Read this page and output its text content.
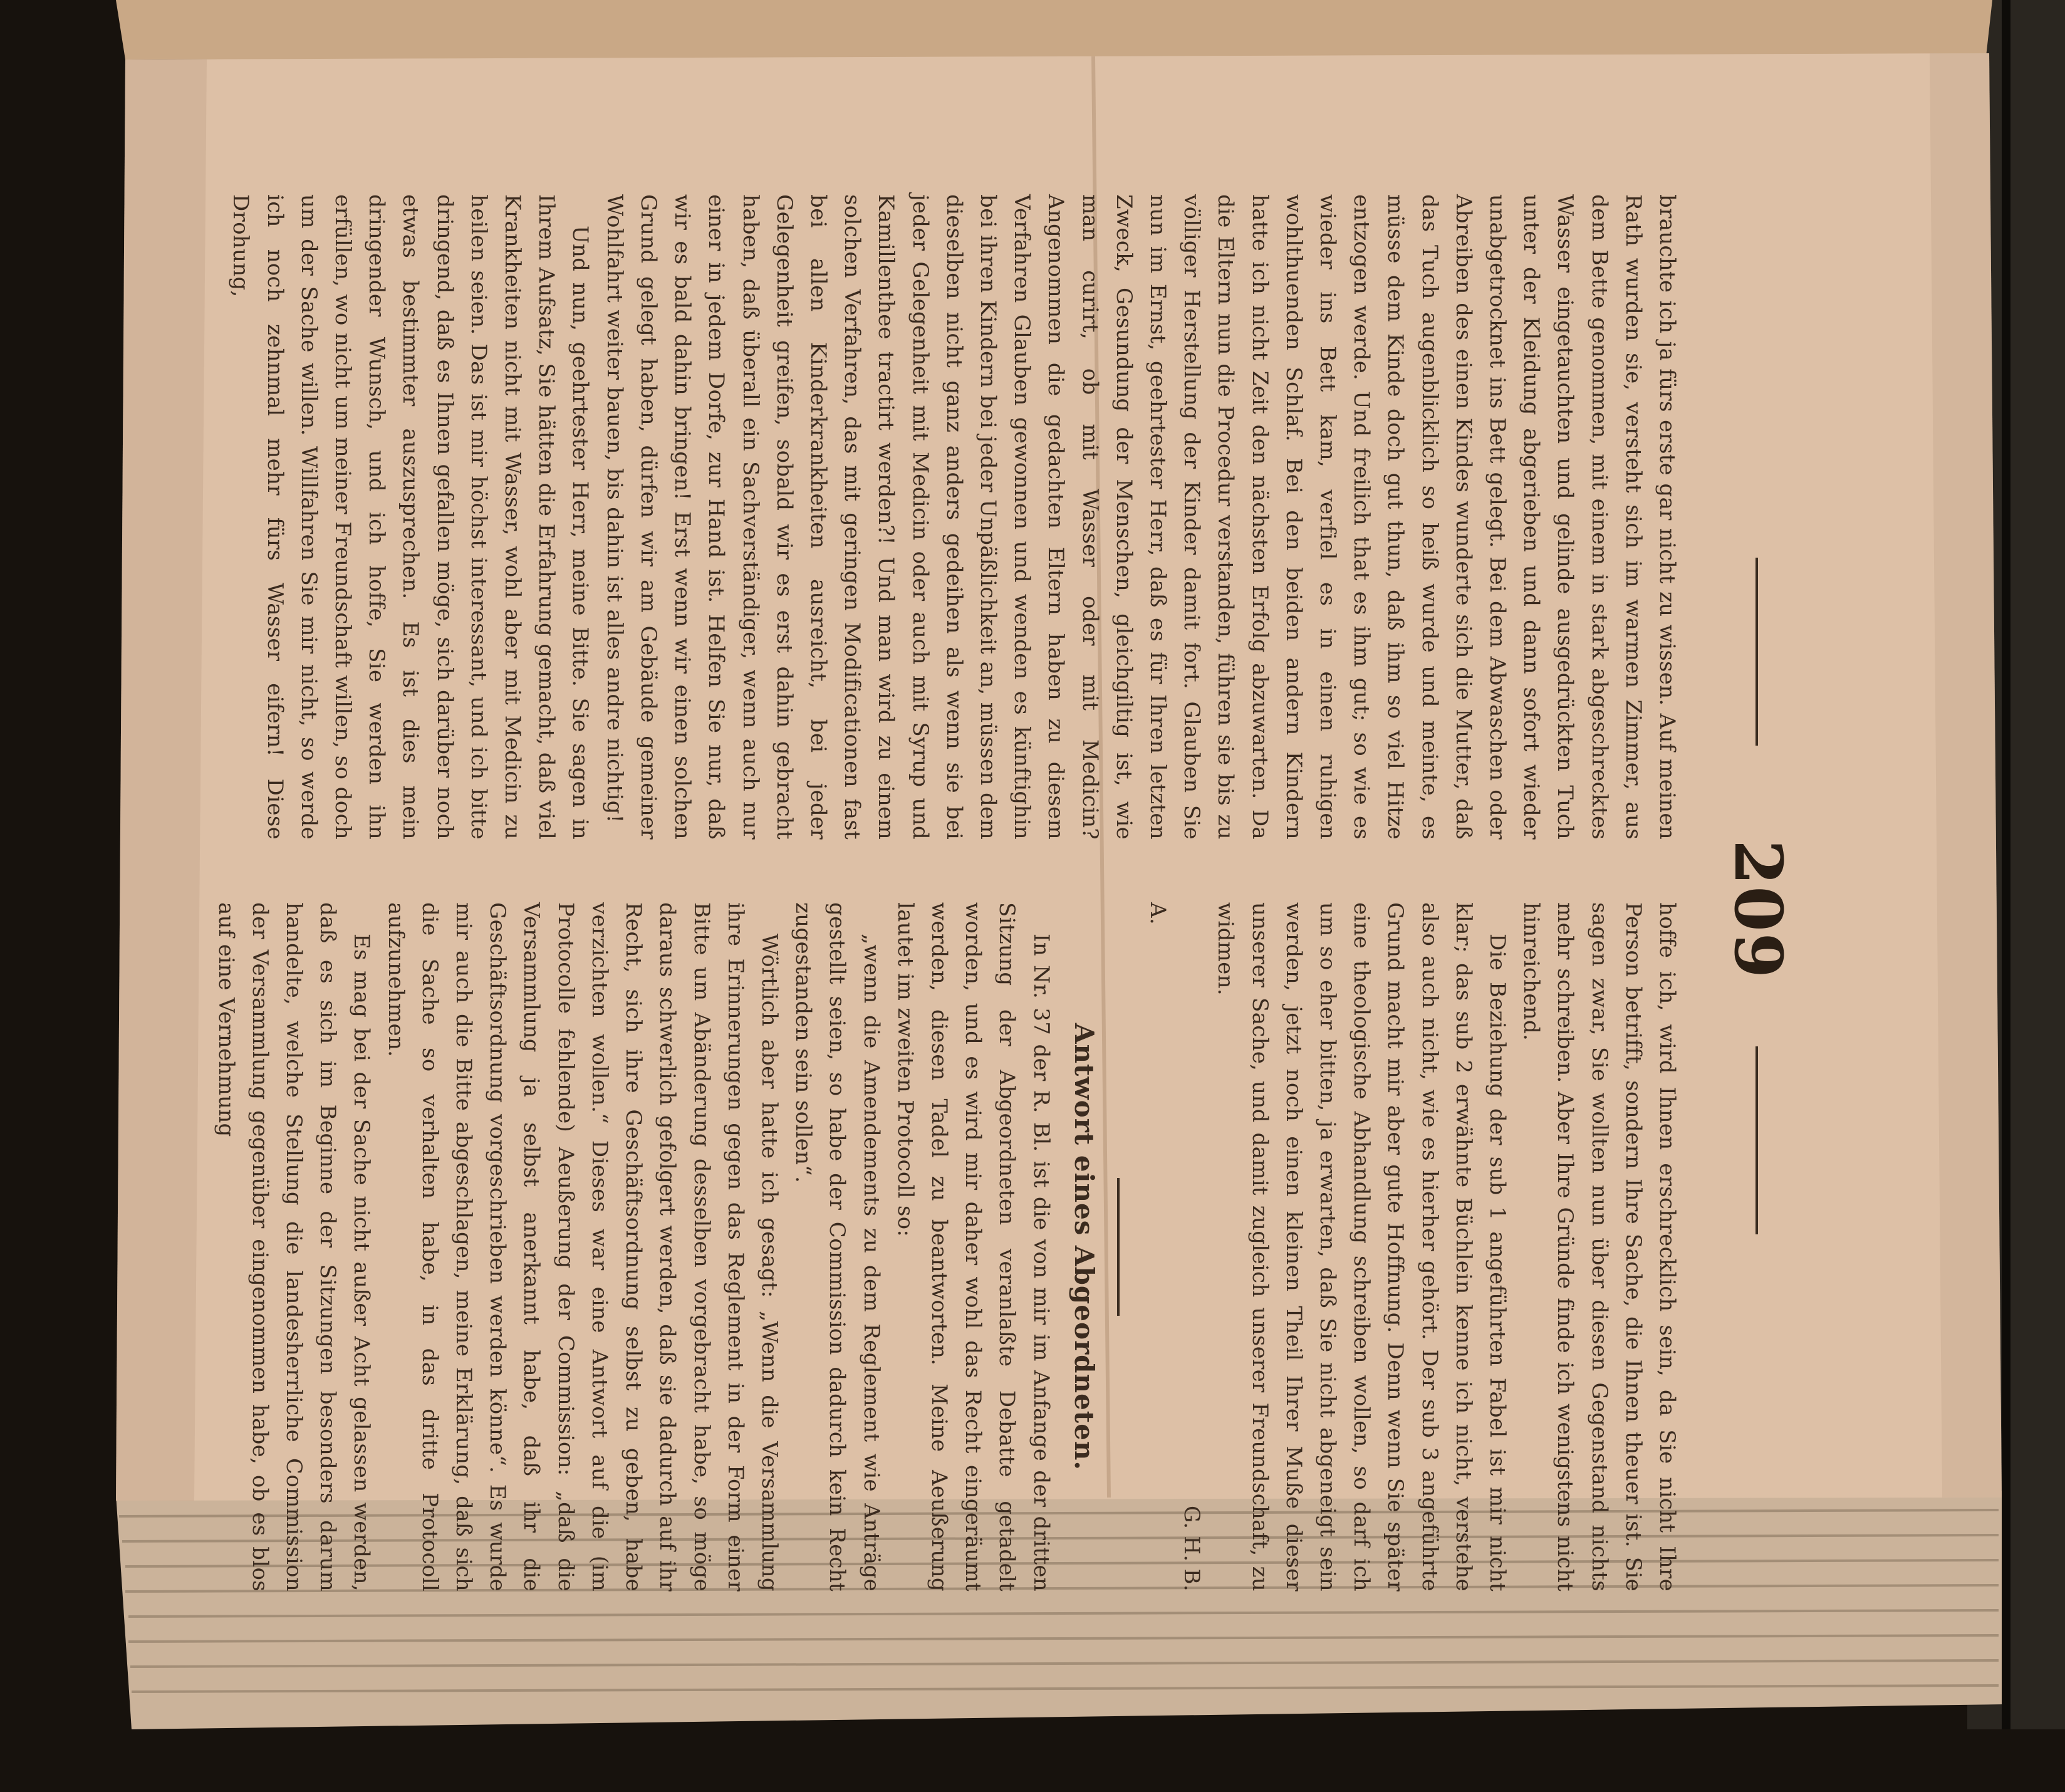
209

brauchte ich ja fürs erste gar nicht zu wissen. Auf meinen Rath wurden sie, versteht sich im warmen Zimmer, aus dem Bette genommen, mit einem in stark abgeschrecktes Wasser eingetauchten und gelinde ausgedrückten Tuch unter der Kleidung abgerieben und dann sofort wieder unabgetrocknet ins Bett gelegt. Bei dem Abwaschen oder Abreiben des einen Kindes wunderte sich die Mutter, daß das Tuch augenblicklich so heiß wurde und meinte, es müsse dem Kinde doch gut thun, daß ihm so viel Hitze entzogen werde. Und freilich that es ihm gut; so wie es wieder ins Bett kam, verfiel es in einen ruhigen wohlthuenden Schlaf. Bei den beiden andern Kindern hatte ich nicht Zeit den nächsten Erfolg abzuwarten. Da die Eltern nun die Procedur verstanden, führen sie bis zu völliger Herstellung der Kinder damit fort. Glauben Sie nun im Ernst, geehrtester Herr, daß es für Ihren letzten Zweck, Gesundung der Menschen, gleichgiltig ist, wie man curirt, ob mit Wasser oder mit Medicin? Angenommen die gedachten Eltern haben zu diesem Verfahren Glauben gewonnen und wenden es künftighin bei ihren Kindern bei jeder Unpäßlichkeit an, müssen dem dieselben nicht ganz anders gedeihen als wenn sie bei jeder Gelegenheit mit Medicin oder auch mit Syrup und Kamillenthee tractirt werden?! Und man wird zu einem solchen Verfahren, das mit geringen Modificationen fast bei allen Kinderkrankheiten ausreicht, bei jeder Gelegenheit greifen, sobald wir es erst dahin gebracht haben, daß überall ein Sachverständiger, wenn auch nur einer in jedem Dorfe, zur Hand ist. Helfen Sie nur, daß wir es bald dahin bringen! Erst wenn wir einen solchen Grund gelegt haben, dürfen wir am Gebäude gemeiner Wohlfahrt weiter bauen, bis dahin ist alles andre nichtig!

Und nun, geehrtester Herr, meine Bitte. Sie sagen in Ihrem Aufsatz, Sie hätten die Erfahrung gemacht, daß viel Krankheiten nicht mit Wasser, wohl aber mit Medicin zu heilen seien. Das ist mir höchst interessant, und ich bitte dringend, daß es Ihnen gefallen möge, sich darüber noch etwas bestimmter auszusprechen. Es ist dies mein dringender Wunsch, und ich hoffe, Sie werden ihn erfüllen, wo nicht um meiner Freundschaft willen, so doch um der Sache willen. Willfahren Sie mir nicht, so werde ich noch zehnmal mehr fürs Wasser eifern! Diese Drohung,

hoffe ich, wird Ihnen erschrecklich sein, da Sie nicht Ihre Person betrifft, sondern Ihre Sache, die Ihnen theuer ist. Sie sagen zwar, Sie wollten nun über diesen Gegenstand nichts mehr schreiben. Aber Ihre Gründe finde ich wenigstens nicht hinreichend.

Die Beziehung der sub 1 angeführten Fabel ist mir nicht klar; das sub 2 erwähnte Büchlein kenne ich nicht, verstehe also auch nicht, wie es hierher gehört. Der sub 3 angeführte Grund macht mir aber gute Hoffnung. Denn wenn Sie später eine theologische Abhandlung schreiben wollen, so darf ich um so eher bitten, ja erwarten, daß Sie nicht abgeneigt sein werden, jetzt noch einen kleinen Theil Ihrer Muße dieser unserer Sache, und damit zugleich unserer Freundschaft, zu widmen.

G. H. B.

A.

Antwort eines Abgeordneten.

In Nr. 37 der R. Bl. ist die von mir im Anfange der dritten Sitzung der Abgeordneten veranlaßte Debatte getadelt worden, und es wird mir daher wohl das Recht eingeräumt werden, diesen Tadel zu beantworten. Meine Aeußerung lautet im zweiten Protocoll so:

„wenn die Amendements zu dem Reglement wie Anträge gestellt seien, so habe der Commission dadurch kein Recht zugestanden sein sollen“.

Wörtlich aber hatte ich gesagt: „Wenn die Versammlung ihre Erinnerungen gegen das Reglement in der Form einer Bitte um Abänderung desselben vorgebracht habe, so möge daraus schwerlich gefolgert werden, daß sie dadurch auf ihr Recht, sich ihre Geschäftsordnung selbst zu geben, habe verzichten wollen.“ Dieses war eine Antwort auf die (im Protocolle fehlende) Aeußerung der Commission: „daß die Versammlung ja selbst anerkannt habe, daß ihr die Geschäftsordnung vorgeschrieben werden könne“. Es wurde mir auch die Bitte abgeschlagen, meine Erklärung, daß sich die Sache so verhalten habe, in das dritte Protocoll aufzunehmen.

Es mag bei der Sache nicht außer Acht gelassen werden, daß es sich im Beginne der Sitzungen besonders darum handelte, welche Stellung die landesherrliche Commission der Versammlung gegenüber eingenommen habe, ob es blos auf eine Vernehmung
